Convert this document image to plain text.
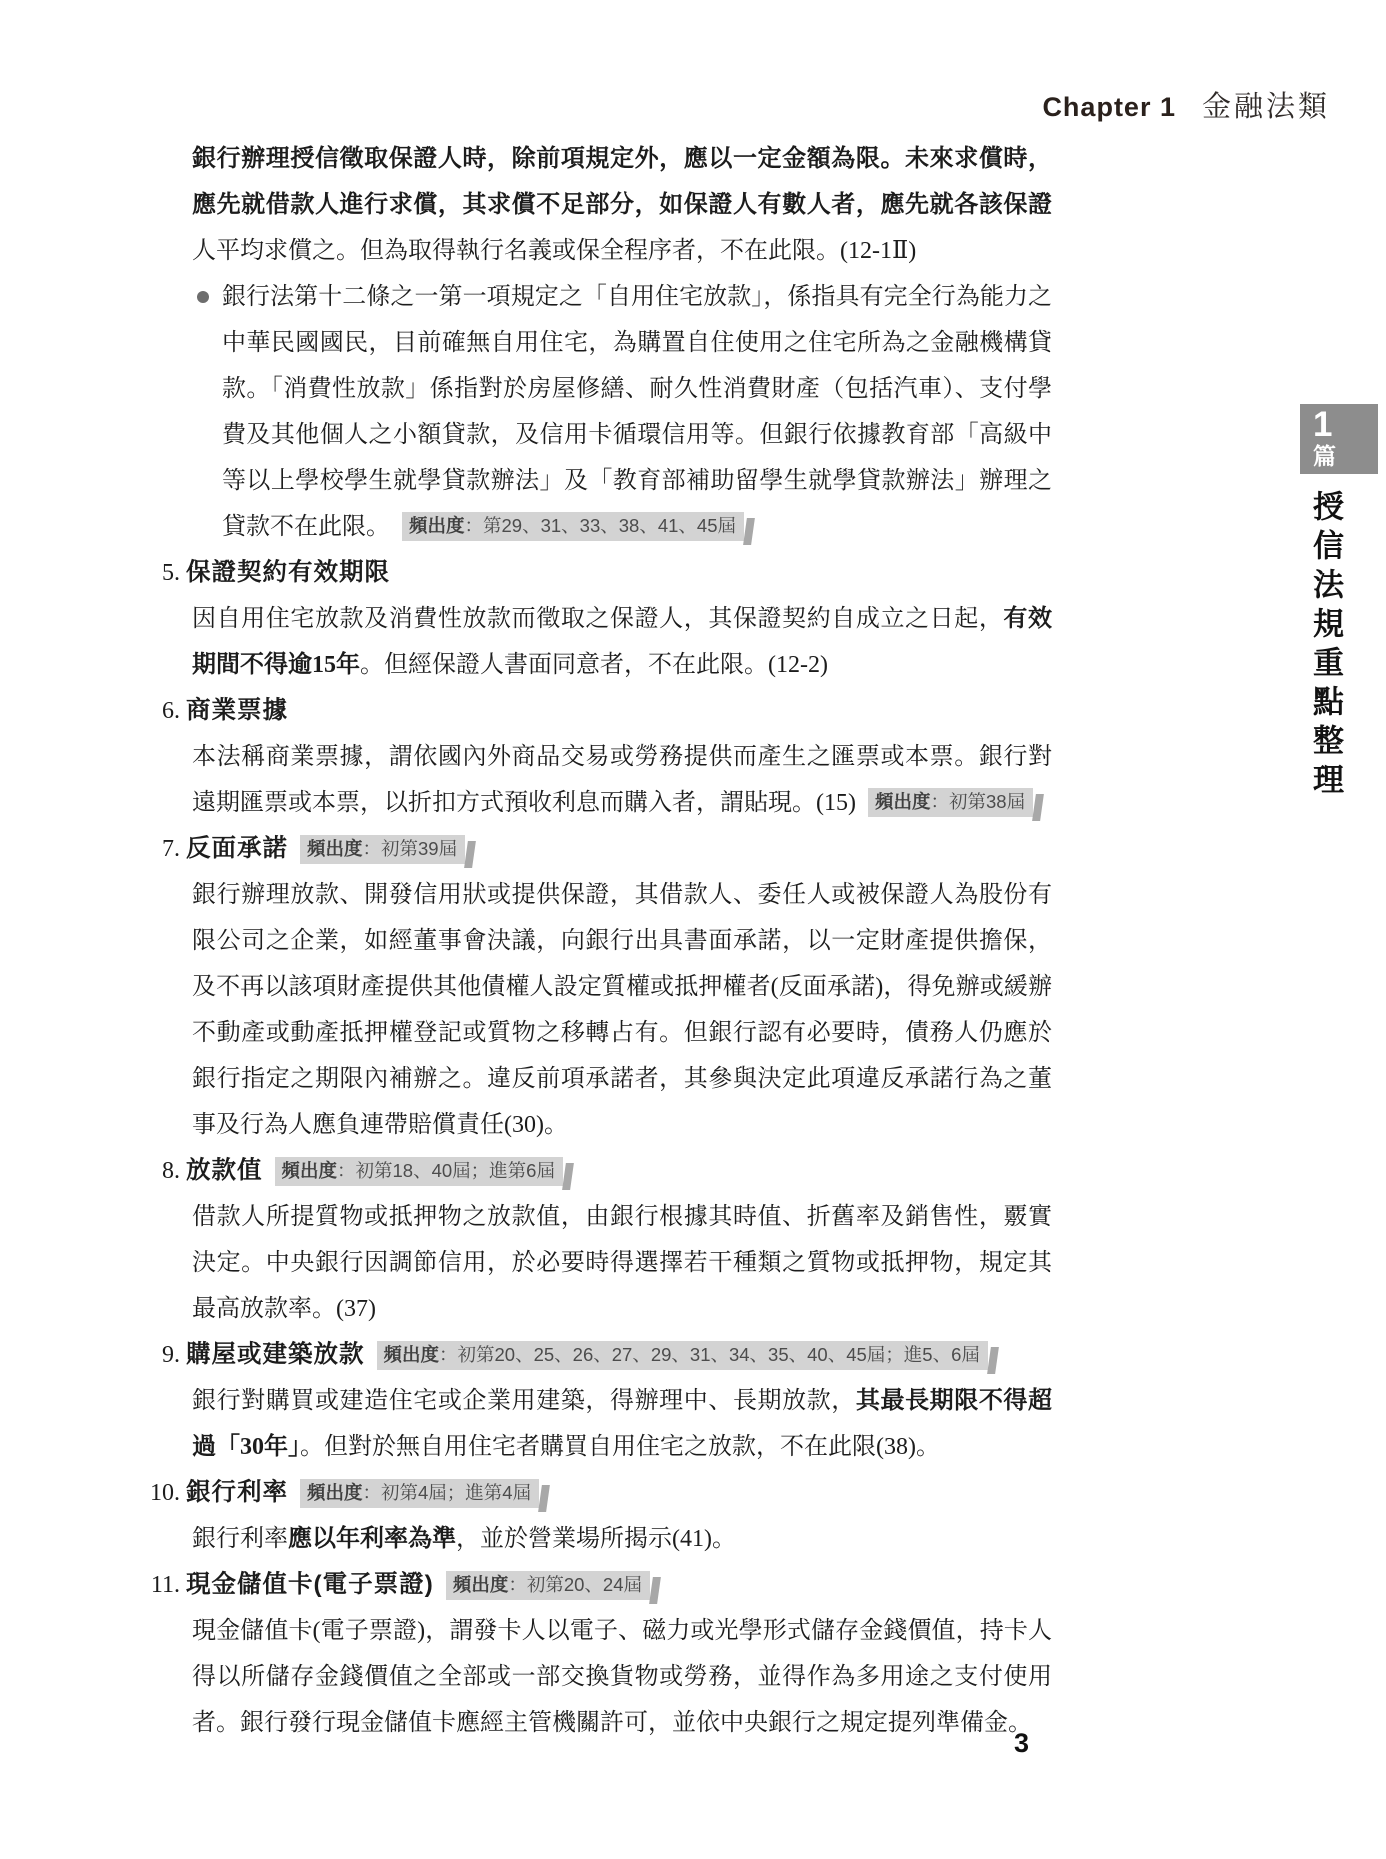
Chapter 1 金融法類
銀行辦理授信徵取保證人時，除前項規定外，應以一定金額為限。未來求償時，應先就借款人進行求償，其求償不足部分，如保證人有數人者，應先就各該保證人平均求償之。但為取得執行名義或保全程序者，不在此限。(12-1Ⅱ)
銀行法第十二條之一第一項規定之「自用住宅放款」，係指具有完全行為能力之中華民國國民，目前確無自用住宅，為購置自住使用之住宅所為之金融機構貸款。「消費性放款」係指對於房屋修繕、耐久性消費財產（包括汽車）、支付學費及其他個人之小額貸款，及信用卡循環信用等。但銀行依據教育部「高級中等以上學校學生就學貸款辦法」及「教育部補助留學生就學貸款辦法」辦理之貸款不在此限。 頻出度：第29、31、33、38、41、45屆
5. 保證契約有效期限
因自用住宅放款及消費性放款而徵取之保證人，其保證契約自成立之日起，有效期間不得逾15年。但經保證人書面同意者，不在此限。(12-2)
6. 商業票據
本法稱商業票據，謂依國內外商品交易或勞務提供而產生之匯票或本票。銀行對遠期匯票或本票，以折扣方式預收利息而購入者，謂貼現。(15) 頻出度：初第38屆
7. 反面承諾	頻出度：初第39屆
銀行辦理放款、開發信用狀或提供保證，其借款人、委任人或被保證人為股份有限公司之企業，如經董事會決議，向銀行出具書面承諾，以一定財產提供擔保，及不再以該項財產提供其他債權人設定質權或抵押權者(反面承諾)，得免辦或緩辦不動產或動產抵押權登記或質物之移轉占有。但銀行認有必要時，債務人仍應於銀行指定之期限內補辦之。違反前項承諾者，其參與決定此項違反承諾行為之董事及行為人應負連帶賠償責任(30)。
8. 放款值	頻出度：初第18、40屆；進第6屆
借款人所提質物或抵押物之放款值，由銀行根據其時值、折舊率及銷售性，覈實決定。中央銀行因調節信用，於必要時得選擇若干種類之質物或抵押物，規定其最高放款率。(37)
9. 購屋或建築放款	頻出度：初第20、25、26、27、29、31、34、35、40、45屆；進5、6屆
銀行對購買或建造住宅或企業用建築，得辦理中、長期放款，其最長期限不得超過「30年」。但對於無自用住宅者購買自用住宅之放款，不在此限(38)。
10. 銀行利率	頻出度：初第4屆；進第4屆
銀行利率應以年利率為準，並於營業場所揭示(41)。
11. 現金儲值卡(電子票證)	頻出度：初第20、24屆
現金儲值卡(電子票證)，謂發卡人以電子、磁力或光學形式儲存金錢價值，持卡人得以所儲存金錢價值之全部或一部交換貨物或勞務，並得作為多用途之支付使用者。銀行發行現金儲值卡應經主管機關許可，並依中央銀行之規定提列準備金。
1
篇
授信法規重點整理
3
